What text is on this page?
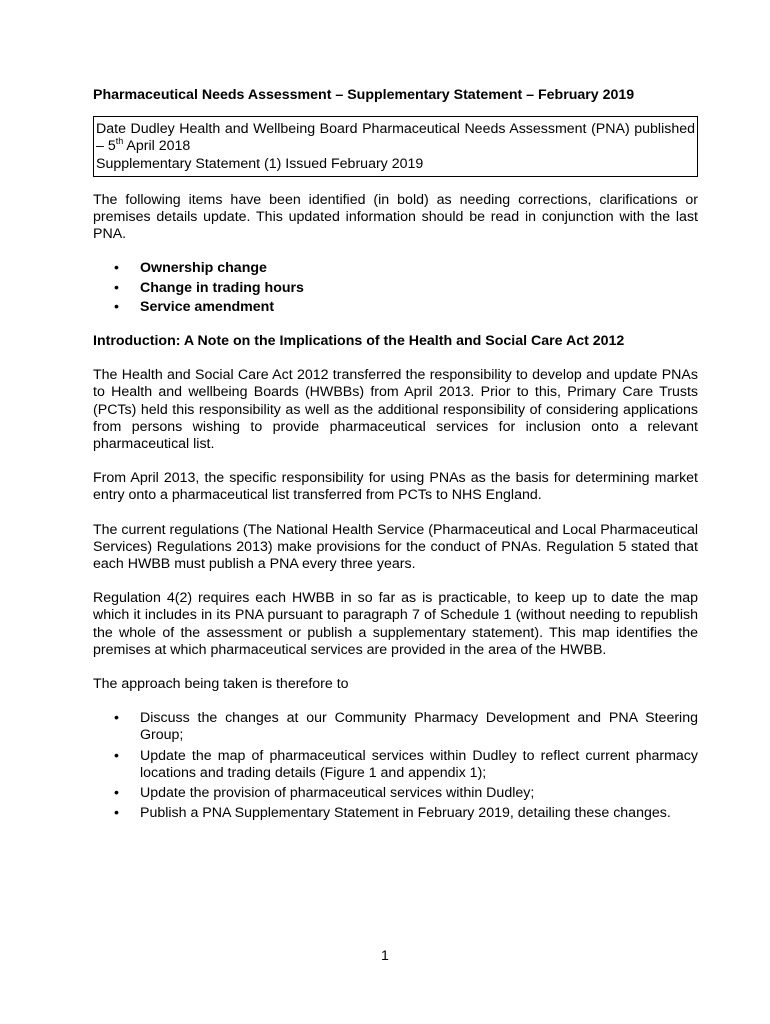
Pharmaceutical Needs Assessment – Supplementary Statement – February 2019
Date Dudley Health and Wellbeing Board Pharmaceutical Needs Assessment (PNA) published – 5th April 2018
Supplementary Statement (1) Issued February 2019

The following items have been identified (in bold) as needing corrections, clarifications or premises details update. This updated information should be read in conjunction with the last PNA.

• Ownership change
• Change in trading hours
• Service amendment
Introduction: A Note on the Implications of the Health and Social Care Act 2012

The Health and Social Care Act 2012 transferred the responsibility to develop and update PNAs to Health and wellbeing Boards (HWBBs) from April 2013. Prior to this, Primary Care Trusts (PCTs) held this responsibility as well as the additional responsibility of considering applications from persons wishing to provide pharmaceutical services for inclusion onto a relevant pharmaceutical list.

From April 2013, the specific responsibility for using PNAs as the basis for determining market entry onto a pharmaceutical list transferred from PCTs to NHS England.

The current regulations (The National Health Service (Pharmaceutical and Local Pharmaceutical Services) Regulations 2013) make provisions for the conduct of PNAs. Regulation 5 stated that each HWBB must publish a PNA every three years.

Regulation 4(2) requires each HWBB in so far as is practicable, to keep up to date the map which it includes in its PNA pursuant to paragraph 7 of Schedule 1 (without needing to republish the whole of the assessment or publish a supplementary statement). This map identifies the premises at which pharmaceutical services are provided in the area of the HWBB.

The approach being taken is therefore to

• Discuss the changes at our Community Pharmacy Development and PNA Steering Group;
• Update the map of pharmaceutical services within Dudley to reflect current pharmacy locations and trading details (Figure 1 and appendix 1);
• Update the provision of pharmaceutical services within Dudley;
• Publish a PNA Supplementary Statement in February 2019, detailing these changes.
1
